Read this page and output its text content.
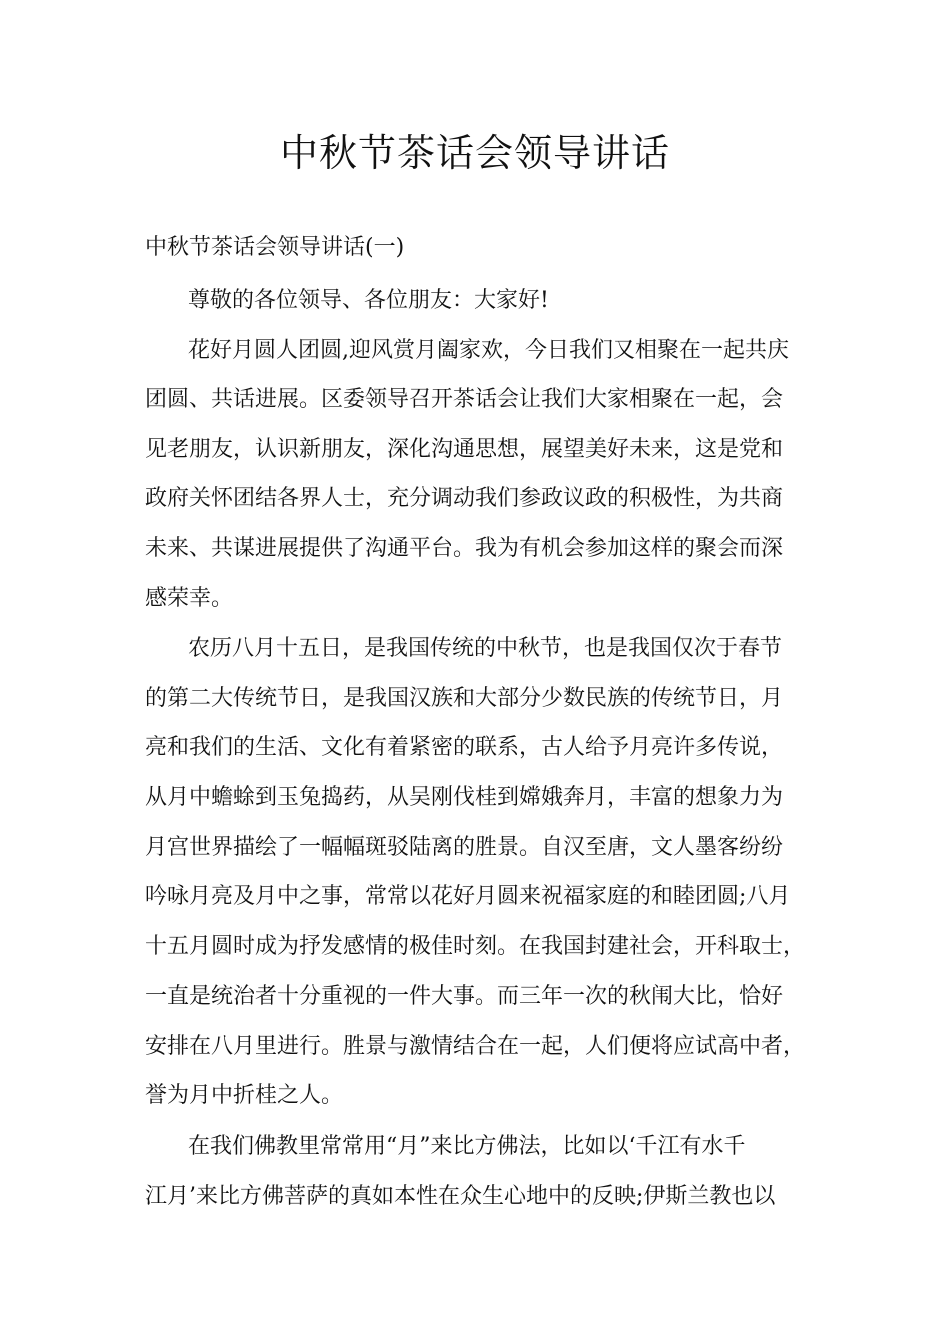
中秋节茶话会领导讲话
中秋节茶话会领导讲话(一)
尊敬的各位领导、各位朋友：大家好!
花好月圆人团圆,迎风赏月阖家欢，今日我们又相聚在一起共庆
团圆、共话进展。区委领导召开茶话会让我们大家相聚在一起，会
见老朋友，认识新朋友，深化沟通思想，展望美好未来，这是党和
政府关怀团结各界人士，充分调动我们参政议政的积极性，为共商
未来、共谋进展提供了沟通平台。我为有机会参加这样的聚会而深
感荣幸。
农历八月十五日，是我国传统的中秋节，也是我国仅次于春节
的第二大传统节日，是我国汉族和大部分少数民族的传统节日，月
亮和我们的生活、文化有着紧密的联系，古人给予月亮许多传说，
从月中蟾蜍到玉兔捣药，从吴刚伐桂到嫦娥奔月，丰富的想象力为
月宫世界描绘了一幅幅斑驳陆离的胜景。自汉至唐，文人墨客纷纷
吟咏月亮及月中之事，常常以花好月圆来祝福家庭的和睦团圆;八月
十五月圆时成为抒发感情的极佳时刻。在我国封建社会，开科取士，
一直是统治者十分重视的一件大事。而三年一次的秋闱大比，恰好
安排在八月里进行。胜景与激情结合在一起，人们便将应试高中者，
誉为月中折桂之人。
在我们佛教里常常用“月”来比方佛法，比如以‘千江有水千
江月’来比方佛菩萨的真如本性在众生心地中的反映;伊斯兰教也以
